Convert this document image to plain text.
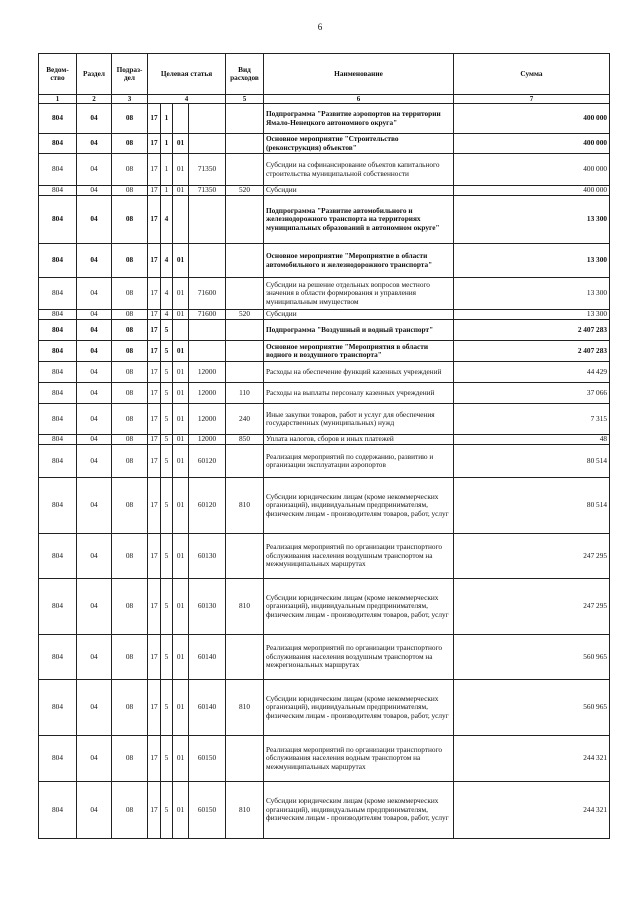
6
Ведом-ство	Раздел	Подраз-дел	Целевая статья				Вид расходов	Наименование	Сумма
1	2	3	4				5	6	7
804	04	08	17	1				Подпрограмма "Развитие аэропортов на территории Ямало-Ненецкого автономного округа"	400 000
804	04	08	17	1	01			Основное мероприятие "Строительство (реконструкция) объектов"	400 000
804	04	08	17	1	01	71350		Субсидии на софинансирование объектов капитального строительства муниципальной собственности	400 000
804	04	08	17	1	01	71350	520	Субсидии	400 000
804	04	08	17	4				Подпрограмма "Развитие автомобильного и железнодорожного транспорта на территориях муниципальных образований в автономном округе"	13 300
804	04	08	17	4	01			Основное мероприятие "Мероприятие в области автомобильного и железнодорожного транспорта"	13 300
804	04	08	17	4	01	71600		Субсидии на решение отдельных вопросов местного значения в области формирования и управления муниципальным имуществом	13 300
804	04	08	17	4	01	71600	520	Субсидии	13 300
804	04	08	17	5				Подпрограмма "Воздушный и водный транспорт"	2 407 283
804	04	08	17	5	01			Основное мероприятие "Мероприятия в области водного и воздушного транспорта"	2 407 283
804	04	08	17	5	01	12000		Расходы на обеспечение функций казенных учреждений	44 429
804	04	08	17	5	01	12000	110	Расходы на выплаты персоналу казенных учреждений	37 066
804	04	08	17	5	01	12000	240	Иные закупки товаров, работ и услуг для обеспечения государственных (муниципальных) нужд	7 315
804	04	08	17	5	01	12000	850	Уплата налогов, сборов и иных платежей	48
804	04	08	17	5	01	60120		Реализация мероприятий по содержанию, развитию и организации эксплуатации аэропортов	80 514
804	04	08	17	5	01	60120	810	Субсидии юридическим лицам (кроме некоммерческих организаций), индивидуальным предпринимателям, физическим лицам - производителям товаров, работ, услуг	80 514
804	04	08	17	5	01	60130		Реализация мероприятий по организации транспортного обслуживания населения воздушным транспортом на межмуниципальных маршрутах	247 295
804	04	08	17	5	01	60130	810	Субсидии юридическим лицам (кроме некоммерческих организаций), индивидуальным предпринимателям, физическим лицам - производителям товаров, работ, услуг	247 295
804	04	08	17	5	01	60140		Реализация мероприятий по организации транспортного обслуживания населения воздушным транспортом на межрегиональных маршрутах	560 965
804	04	08	17	5	01	60140	810	Субсидии юридическим лицам (кроме некоммерческих организаций), индивидуальным предпринимателям, физическим лицам - производителям товаров, работ, услуг	560 965
804	04	08	17	5	01	60150		Реализация мероприятий по организации транспортного обслуживания населения водным транспортом на межмуниципальных маршрутах	244 321
804	04	08	17	5	01	60150	810	Субсидии юридическим лицам (кроме некоммерческих организаций), индивидуальным предпринимателям, физическим лицам - производителям товаров, работ, услуг	244 321
